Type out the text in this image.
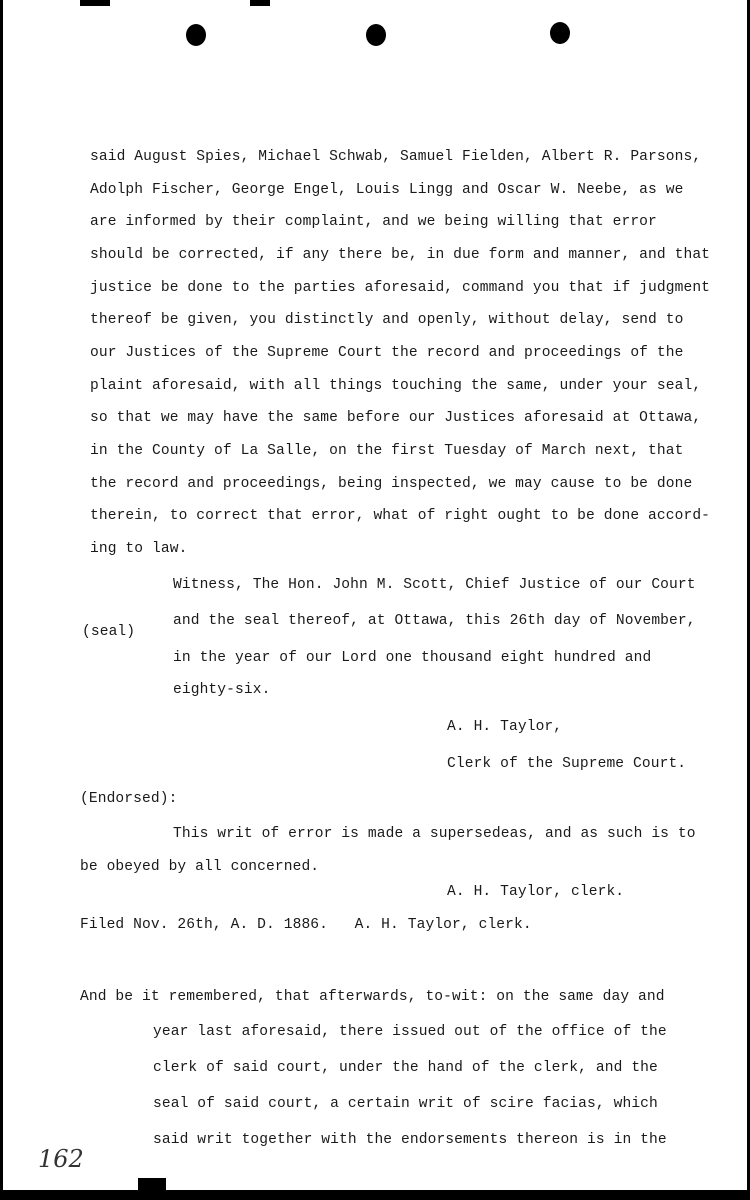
said August Spies, Michael Schwab, Samuel Fielden, Albert R. Parsons,
Adolph Fischer, George Engel, Louis Lingg and Oscar W. Neebe, as we
are informed by their complaint, and we being willing that error
should be corrected, if any there be, in due form and manner, and that
justice be done to the parties aforesaid, command you that if judgment
thereof be given, you distinctly and openly, without delay, send to
our Justices of the Supreme Court the record and proceedings of the
plaint aforesaid, with all things touching the same, under your seal,
so that we may have the same before our Justices aforesaid at Ottawa,
in the County of La Salle, on the first Tuesday of March next, that
the record and proceedings, being inspected, we may cause to be done
therein, to correct that error, what of right ought to be done accord-
ing to law.
Witness, The Hon. John M. Scott, Chief Justice of our Court
and the seal thereof, at Ottawa, this 26th day of November,
(seal)
in the year of our Lord one thousand eight hundred and
eighty-six.
A. H. Taylor,
Clerk of the Supreme Court.
(Endorsed):
This writ of error is made a supersedeas, and as such is to
be obeyed by all concerned.
A. H. Taylor, clerk.
Filed Nov. 26th, A. D. 1886.   A. H. Taylor, clerk.
And be it remembered, that afterwards, to-wit: on the same day and
year last aforesaid, there issued out of the office of the
clerk of said court, under the hand of the clerk, and the
seal of said court, a certain writ of scire facias, which
said writ together with the endorsements thereon is in the
162
